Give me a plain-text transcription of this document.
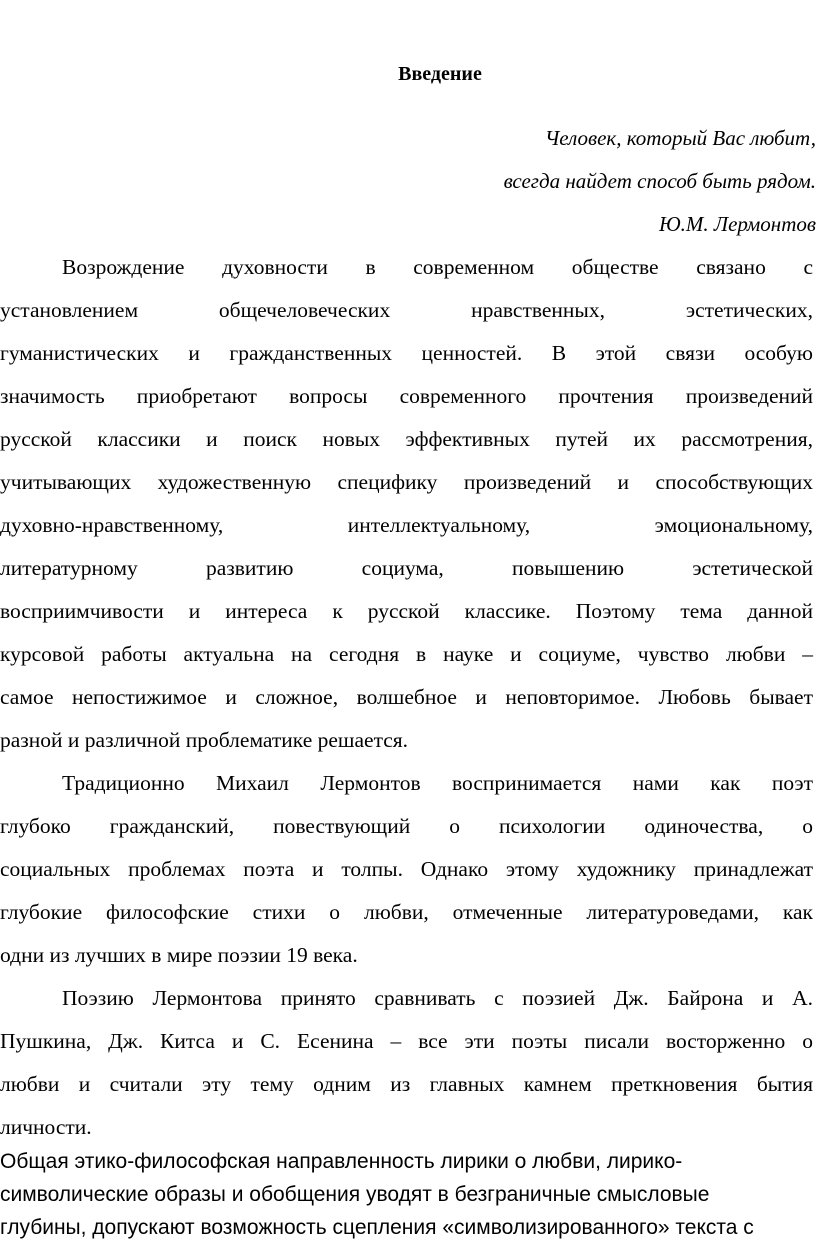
Введение
Человек, который Вас любит,
всегда найдет способ быть рядом.
Ю.М. Лермонтов
Возрождение духовности в современном обществе связано с
установлением общечеловеческих нравственных, эстетических,
гуманистических и гражданственных ценностей. В этой связи особую
значимость приобретают вопросы современного прочтения произведений
русской классики и поиск новых эффективных путей их рассмотрения,
учитывающих художественную специфику произведений и способствующих
духовно-нравственному, интеллектуальному, эмоциональному,
литературному развитию социума, повышению эстетической
восприимчивости и интереса к русской классике. Поэтому тема данной
курсовой работы актуальна на сегодня в науке и социуме, чувство любви –
самое непостижимое и сложное, волшебное и неповторимое. Любовь бывает
разной и различной проблематике решается.
Традиционно Михаил Лермонтов воспринимается нами как поэт
глубоко гражданский, повествующий о психологии одиночества, о
социальных проблемах поэта и толпы. Однако этому художнику принадлежат
глубокие философские стихи о любви, отмеченные литературоведами, как
одни из лучших в мире поэзии 19 века.
Поэзию Лермонтова принято сравнивать с поэзией Дж. Байрона и А.
Пушкина, Дж. Китса и С. Есенина – все эти поэты писали восторженно о
любви и считали эту тему одним из главных камнем преткновения бытия
личности.
Общая этико-философская направленность лирики о любви, лирико-
символические образы и обобщения уводят в безграничные смысловые
глубины, допускают возможность сцепления «символизированного» текста с
